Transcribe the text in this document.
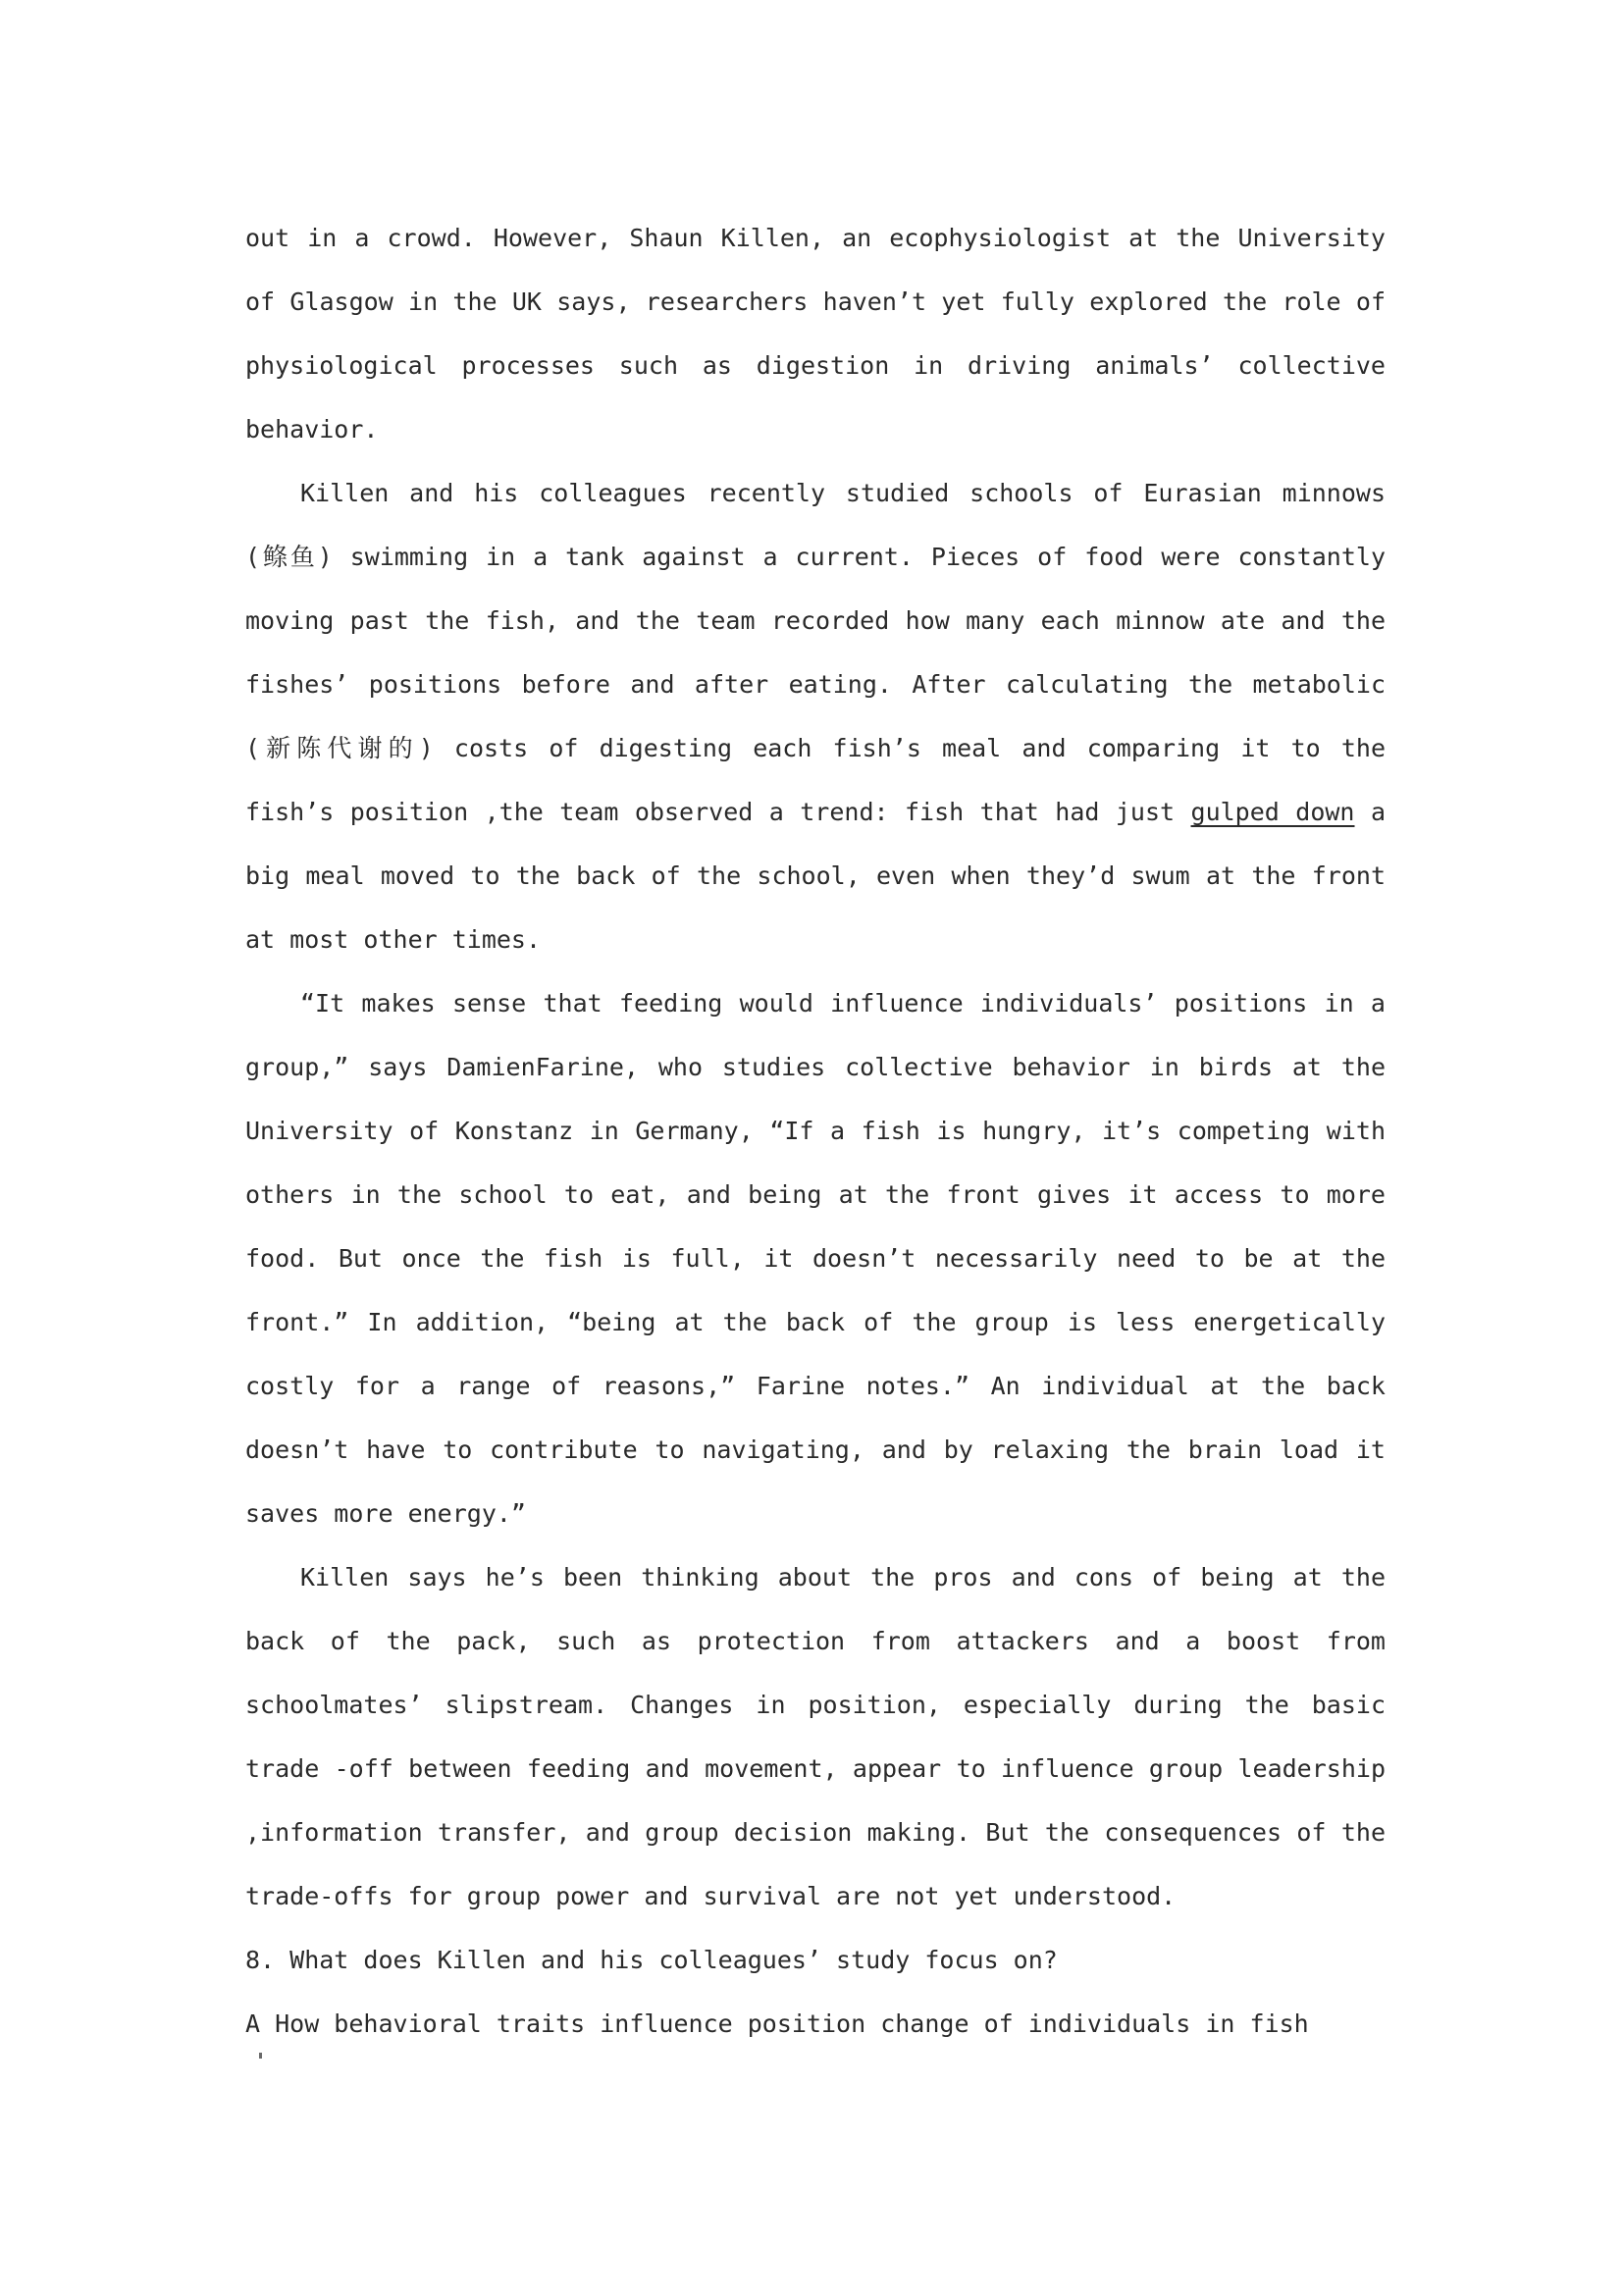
out in a crowd. However, Shaun Killen, an ecophysiologist at the University of Glasgow in the UK says, researchers haven’t yet fully explored the role of physiological processes such as digestion in driving animals’ collective behavior.

Killen and his colleagues recently studied schools of Eurasian minnows (鲦鱼) swimming in a tank against a current. Pieces of food were constantly moving past the fish, and the team recorded how many each minnow ate and the fishes’ positions before and after eating. After calculating the metabolic (新陈代谢的) costs of digesting each fish’s meal and comparing it to the fish’s position ,the team observed a trend: fish that had just gulped down a big meal moved to the back of the school, even when they’d swum at the front at most other times.

“It makes sense that feeding would influence individuals’ positions in a group,” says DamienFarine, who studies collective behavior in birds at the University of Konstanz in Germany, “If a fish is hungry, it’s competing with others in the school to eat, and being at the front gives it access to more food. But once the fish is full, it doesn’t necessarily need to be at the front.” In addition, “being at the back of the group is less energetically costly for a range of reasons,” Farine notes.” An individual at the back doesn’t have to contribute to navigating, and by relaxing the brain load it saves more energy.”

Killen says he’s been thinking about the pros and cons of being at the back of the pack, such as protection from attackers and a boost from schoolmates’ slipstream. Changes in position, especially during the basic trade -off between feeding and movement, appear to influence group leadership ,information transfer, and group decision making. But the consequences of the trade-offs for group power and survival are not yet understood.

8. What does Killen and his colleagues’ study focus on?

A How behavioral traits influence position change of individuals in fish
